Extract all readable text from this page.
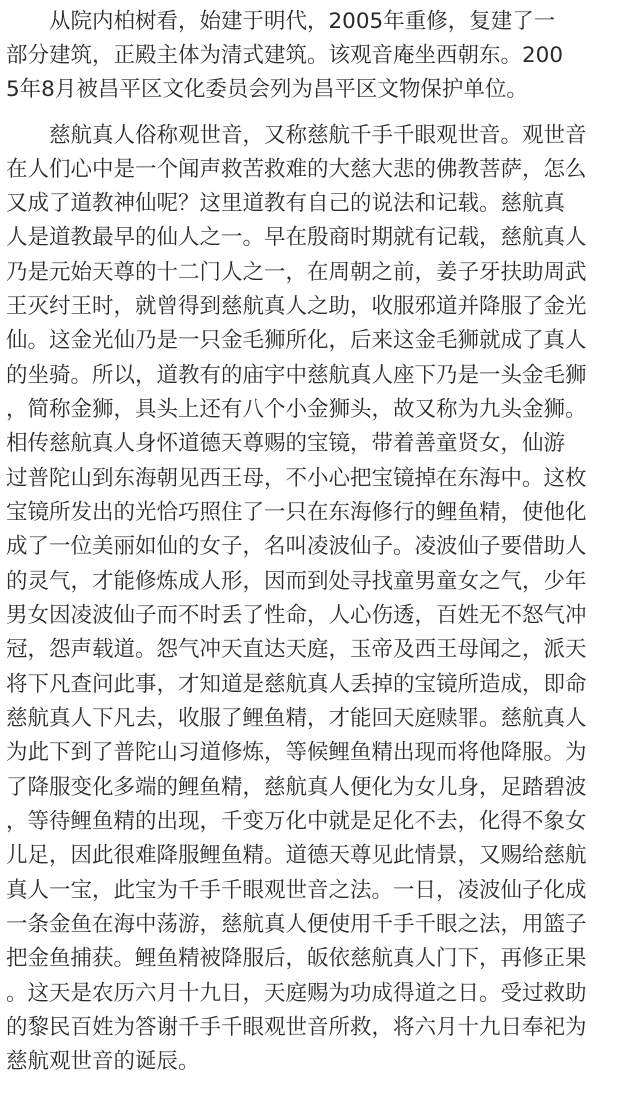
　　从院内柏树看，始建于明代，2005年重修，复建了一
部分建筑，正殿主体为清式建筑。该观音庵坐西朝东。200
5年8月被昌平区文化委员会列为昌平区文物保护单位。
　　慈航真人俗称观世音，又称慈航千手千眼观世音。观世音
在人们心中是一个闻声救苦救难的大慈大悲的佛教菩萨，怎么
又成了道教神仙呢？这里道教有自己的说法和记载。慈航真
人是道教最早的仙人之一。早在殷商时期就有记载，慈航真人
乃是元始天尊的十二门人之一，在周朝之前，姜子牙扶助周武
王灭纣王时，就曾得到慈航真人之助，收服邪道并降服了金光
仙。这金光仙乃是一只金毛狮所化，后来这金毛狮就成了真人
的坐骑。所以，道教有的庙宇中慈航真人座下乃是一头金毛狮
，简称金狮，具头上还有八个小金狮头，故又称为九头金狮。
相传慈航真人身怀道德天尊赐的宝镜，带着善童贤女，仙游
过普陀山到东海朝见西王母，不小心把宝镜掉在东海中。这枚
宝镜所发出的光恰巧照住了一只在东海修行的鲤鱼精，使他化
成了一位美丽如仙的女子，名叫凌波仙子。凌波仙子要借助人
的灵气，才能修炼成人形，因而到处寻找童男童女之气，少年
男女因凌波仙子而不时丢了性命，人心伤透，百姓无不怒气冲
冠，怨声载道。怨气冲天直达天庭，玉帝及西王母闻之，派天
将下凡查问此事，才知道是慈航真人丢掉的宝镜所造成，即命
慈航真人下凡去，收服了鲤鱼精，才能回天庭赎罪。慈航真人
为此下到了普陀山习道修炼，等候鲤鱼精出现而将他降服。为
了降服变化多端的鲤鱼精，慈航真人便化为女儿身，足踏碧波
，等待鲤鱼精的出现，千变万化中就是足化不去，化得不象女
儿足，因此很难降服鲤鱼精。道德天尊见此情景，又赐给慈航
真人一宝，此宝为千手千眼观世音之法。一日，凌波仙子化成
一条金鱼在海中荡游，慈航真人便使用千手千眼之法，用篮子
把金鱼捕获。鲤鱼精被降服后，皈依慈航真人门下，再修正果
。这天是农历六月十九日，天庭赐为功成得道之日。受过救助
的黎民百姓为答谢千手千眼观世音所救，将六月十九日奉祀为
慈航观世音的诞辰。
